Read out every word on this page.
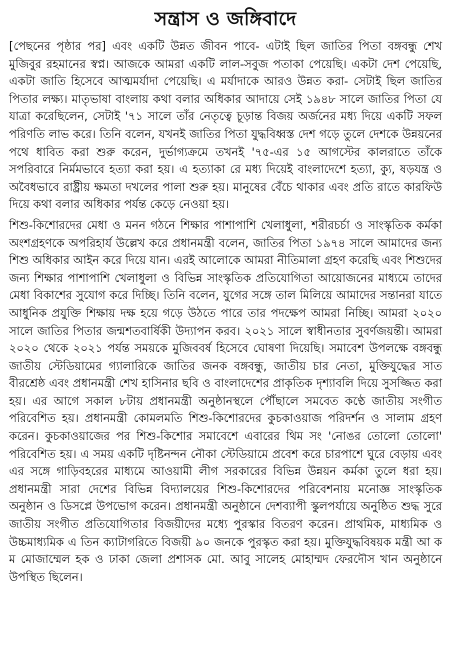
সন্ত্রাস ও জঙ্গিবাদে

[পেছনের পৃষ্ঠার পর] এবং একটি উন্নত জীবন পাবে- এটাই ছিল জাতির পিতা বঙ্গবন্ধু শেখ মুজিবুর রহমানের স্বপ্ন। আজকে আমরা একটি লাল-সবুজ পতাকা পেয়েছি। একটা দেশ পেয়েছি, একটা জাতি হিসেবে আত্মমর্যাদা পেয়েছি। এ মর্যাদাকে আরও উন্নত করা- সেটাই ছিল জাতির পিতার লক্ষ্য। মাতৃভাষা বাংলায় কথা বলার অধিকার আদায়ে সেই ১৯৪৮ সালে জাতির পিতা যে যাত্রা করেছিলেন, সেটাই '৭১ সালে তাঁর নেতৃত্বে চূড়ান্ত বিজয় অর্জনের মধ্য দিয়ে একটি সফল পরিণতি লাভ করে। তিনি বলেন, যখনই জাতির পিতা যুদ্ধবিধ্বস্ত দেশ গড়ে তুলে দেশকে উন্নয়নের পথে ধাবিত করা শুরু করেন, দুর্ভাগ্যক্রমে তখনই '৭৫-এর ১৫ আগস্টের কালরাতে তাঁকে সপরিবারে নির্মমভাবে হত্যা করা হয়। এ হত্যাকা রে মধ্য দিয়েই বাংলাদেশে হত্যা, ক্যু, ষড়যন্ত্র ও অবৈধভাবে রাষ্ট্রীয় ক্ষমতা দখলের পালা শুরু হয়। মানুষের বেঁচে থাকার এবং প্রতি রাতে কারফিউ দিয়ে কথা বলার অধিকার পর্যন্ত কেড়ে নেওয়া হয়।

শিশু-কিশোরদের মেধা ও মনন গঠনে শিক্ষার পাশাপাশি খেলাধুলা, শরীরচর্চা ও সাংস্কৃতিক কর্মকা অংশগ্রহণকে অপরিহার্য উল্লেখ করে প্রধানমন্ত্রী বলেন, জাতির পিতা ১৯৭৪ সালে আমাদের জন্য শিশু অধিকার আইন করে দিয়ে যান। এরই আলোকে আমরা নীতিমালা গ্রহণ করেছি এবং শিশুদের জন্য শিক্ষার পাশাপাশি খেলাধুলা ও বিভিন্ন সাংস্কৃতিক প্রতিযোগিতা আয়োজনের মাধ্যমে তাদের মেধা বিকাশের সুযোগ করে দিচ্ছি। তিনি বলেন, যুগের সঙ্গে তাল মিলিয়ে আমাদের সন্তানরা যাতে আধুনিক প্রযুক্তি শিক্ষায় দক্ষ হয়ে গড়ে উঠতে পারে তার পদক্ষেপ আমরা নিচ্ছি। আমরা ২০২০ সালে জাতির পিতার জন্মশতবার্ষিকী উদ্যাপন করব। ২০২১ সালে স্বাধীনতার সুবর্ণজয়ন্তী। আমরা ২০২০ থেকে ২০২১ পর্যন্ত সময়কে মুজিববর্ষ হিসেবে ঘোষণা দিয়েছি। সমাবেশ উপলক্ষে বঙ্গবন্ধু জাতীয় স্টেডিয়ামের গ্যালারিকে জাতির জনক বঙ্গবন্ধু, জাতীয় চার নেতা, মুক্তিযুদ্ধের সাত বীরশ্রেষ্ঠ এবং প্রধানমন্ত্রী শেখ হাসিনার ছবি ও বাংলাদেশের প্রাকৃতিক দৃশ্যাবলি দিয়ে সুসজ্জিত করা হয়। এর আগে সকাল ৮টায় প্রধানমন্ত্রী অনুষ্ঠানস্থলে পৌঁছালে সমবেত কণ্ঠে জাতীয় সংগীত পরিবেশিত হয়। প্রধানমন্ত্রী কোমলমতি শিশু-কিশোরদের কুচকাওয়াজ পরিদর্শন ও সালাম গ্রহণ করেন। কুচকাওয়াজের পর শিশু-কিশোর সমাবেশে এবারের থিম সং 'নোঙর তোলো তোলো' পরিবেশিত হয়। এ সময় একটি দৃষ্টিনন্দন নৌকা স্টেডিয়ামে প্রবেশ করে চারপাশে ঘুরে বেড়ায় এবং এর সঙ্গে গাড়িবহরের মাধ্যমে আওয়ামী লীগ সরকারের বিভিন্ন উন্নয়ন কর্মকা তুলে ধরা হয়। প্রধানমন্ত্রী সারা দেশের বিভিন্ন বিদ্যালয়ের শিশু-কিশোরদের পরিবেশনায় মনোজ্ঞ সাংস্কৃতিক অনুষ্ঠান ও ডিসপ্লে উপভোগ করেন। প্রধানমন্ত্রী অনুষ্ঠানে দেশব্যাপী স্কুলপর্যায়ে অনুষ্ঠিত শুদ্ধ সুরে জাতীয় সংগীত প্রতিযোগিতার বিজয়ীদের মধ্যে পুরস্কার বিতরণ করেন। প্রাথমিক, মাধ্যমিক ও উচ্চমাধ্যমিক এ তিন ক্যাটাগরিতে বিজয়ী ৯০ জনকে পুরস্কৃত করা হয়। মুক্তিযুদ্ধবিষয়ক মন্ত্রী আ ক ম মোজাম্মেল হক ও ঢাকা জেলা প্রশাসক মো. আবু সালেহ মোহাম্মদ ফেরদৌস খান অনুষ্ঠানে উপস্থিত ছিলেন।
